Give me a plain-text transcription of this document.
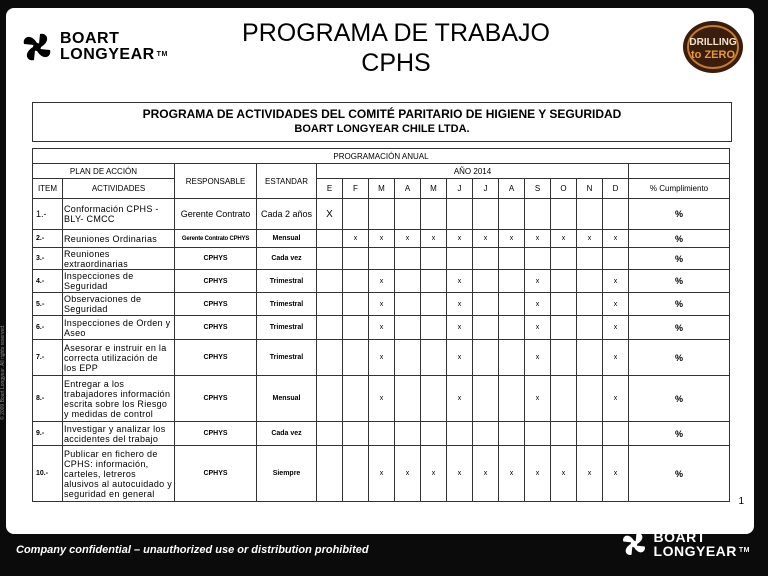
BOART
LONGYEAR ™
PROGRAMA DE TRABAJO
CPHS
DRILLING
to ZERO
PROGRAMA DE ACTIVIDADES DEL COMITÉ PARITARIO DE HIGIENE Y SEGURIDAD
BOART LONGYEAR CHILE LTDA.
PROGRAMACIÓN ANUAL																
PLAN DE ACCIÓN		RESPONSABLE	ESTANDAR	AÑO 2014												
ITEM	ACTIVIDADES			E	F	M	A	M	J	J	A	S	O	N	D	% Cumplimiento
1.-	Conformación CPHS - BLY- CMCC	Gerente Contrato	Cada 2 años	X												%
2.-	Reuniones Ordinarias	Gerente Contrato CPHYS	Mensual		x	x	x	x	x	x	x	x	x	x	x	%
3.-	Reuniones extraordinarias	CPHYS	Cada vez													%
4.-	Inspecciones de Seguridad	CPHYS	Trimestral			x			x			x			x	%
5.-	Observaciones de Seguridad	CPHYS	Trimestral			x			x			x			x	%
6.-	Inspecciones de Orden y Aseo	CPHYS	Trimestral			x			x			x			x	%
7.-	Asesorar e instruir en la correcta utilización de los EPP	CPHYS	Trimestral			x			x			x			x	%
8.-	Entregar a los trabajadores información escrita sobre los Riesgo y medidas de control	CPHYS	Mensual			x			x			x			x	%
9.-	Investigar y analizar los accidentes del trabajo	CPHYS	Cada vez													%
10.-	Publicar en fichero de CPHS: información, carteles, letreros alusivos al autocuidado y seguridad en general	CPHYS	Siempre			x	x	x	x	x	x	x	x	x	x	%
1
© 2009 Boart Longyear. All rights reserved.
Company confidential – unauthorized use or distribution prohibited
BOART
LONGYEAR ™
